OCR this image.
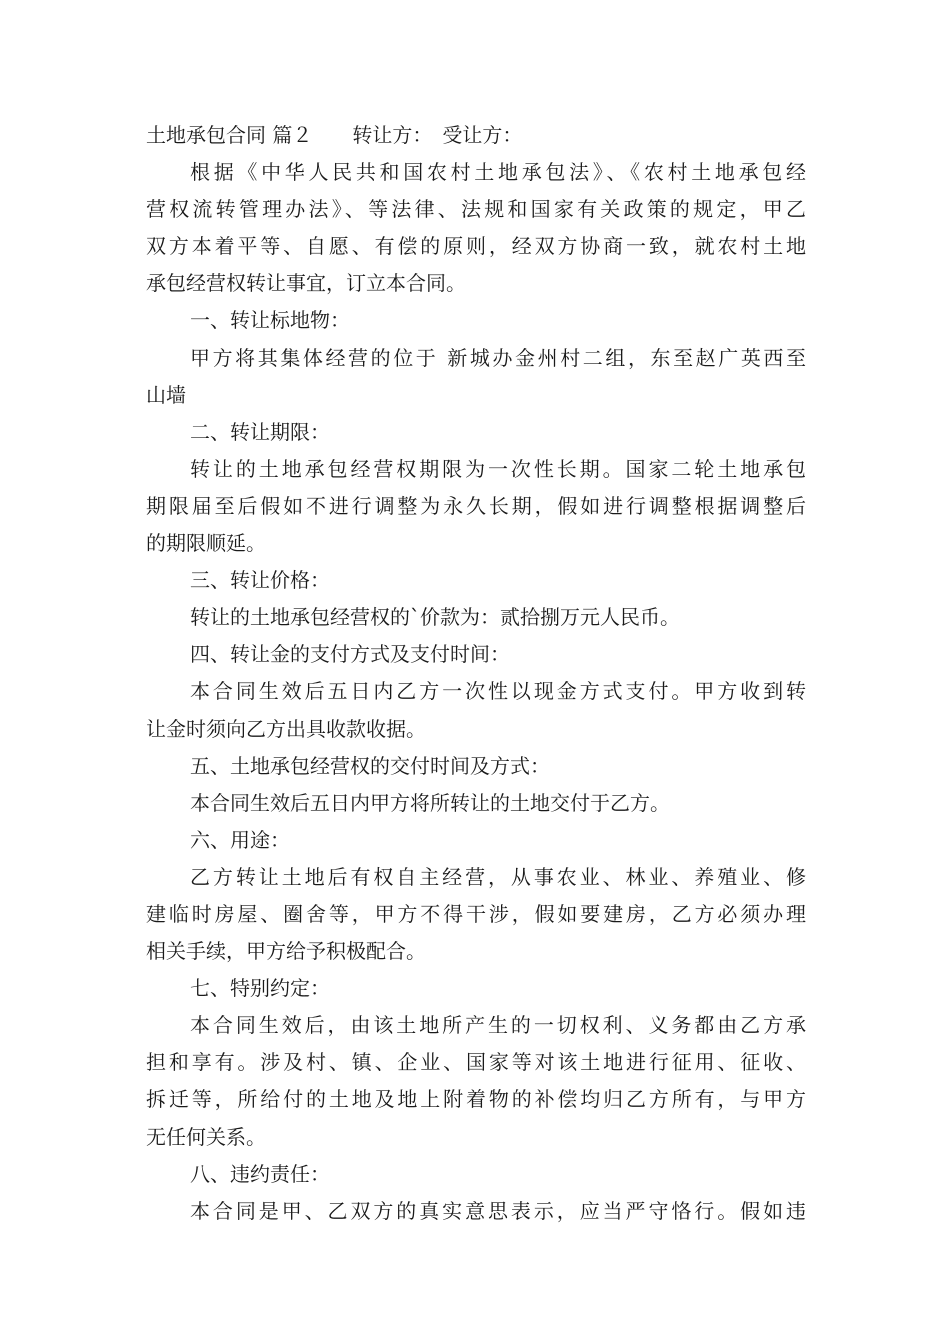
土地承包合同 篇２　　转让方：　受让方：
根据《中华人民共和国农村土地承包法》、《农村土地承包经
营权流转管理办法》、等法律、法规和国家有关政策的规定，甲乙
双方本着平等、自愿、有偿的原则，经双方协商一致，就农村土地
承包经营权转让事宜，订立本合同。
一、转让标地物：
甲方将其集体经营的位于 新城办金州村二组，东至赵广英西至
山墙
二、转让期限：
转让的土地承包经营权期限为一次性长期。国家二轮土地承包
期限届至后假如不进行调整为永久长期，假如进行调整根据调整后
的期限顺延。
三、转让价格：
转让的土地承包经营权的`价款为：贰拾捌万元人民币。
四、转让金的支付方式及支付时间：
本合同生效后五日内乙方一次性以现金方式支付。甲方收到转
让金时须向乙方出具收款收据。
五、土地承包经营权的交付时间及方式：
本合同生效后五日内甲方将所转让的土地交付于乙方。
六、用途：
乙方转让土地后有权自主经营，从事农业、林业、养殖业、修
建临时房屋、圈舍等，甲方不得干涉，假如要建房，乙方必须办理
相关手续，甲方给予积极配合。
七、特别约定：
本合同生效后，由该土地所产生的一切权利、义务都由乙方承
担和享有。涉及村、镇、企业、国家等对该土地进行征用、征收、
拆迁等，所给付的土地及地上附着物的补偿均归乙方所有，与甲方
无任何关系。
八、违约责任：
本合同是甲、乙双方的真实意思表示，应当严守恪行。假如违
